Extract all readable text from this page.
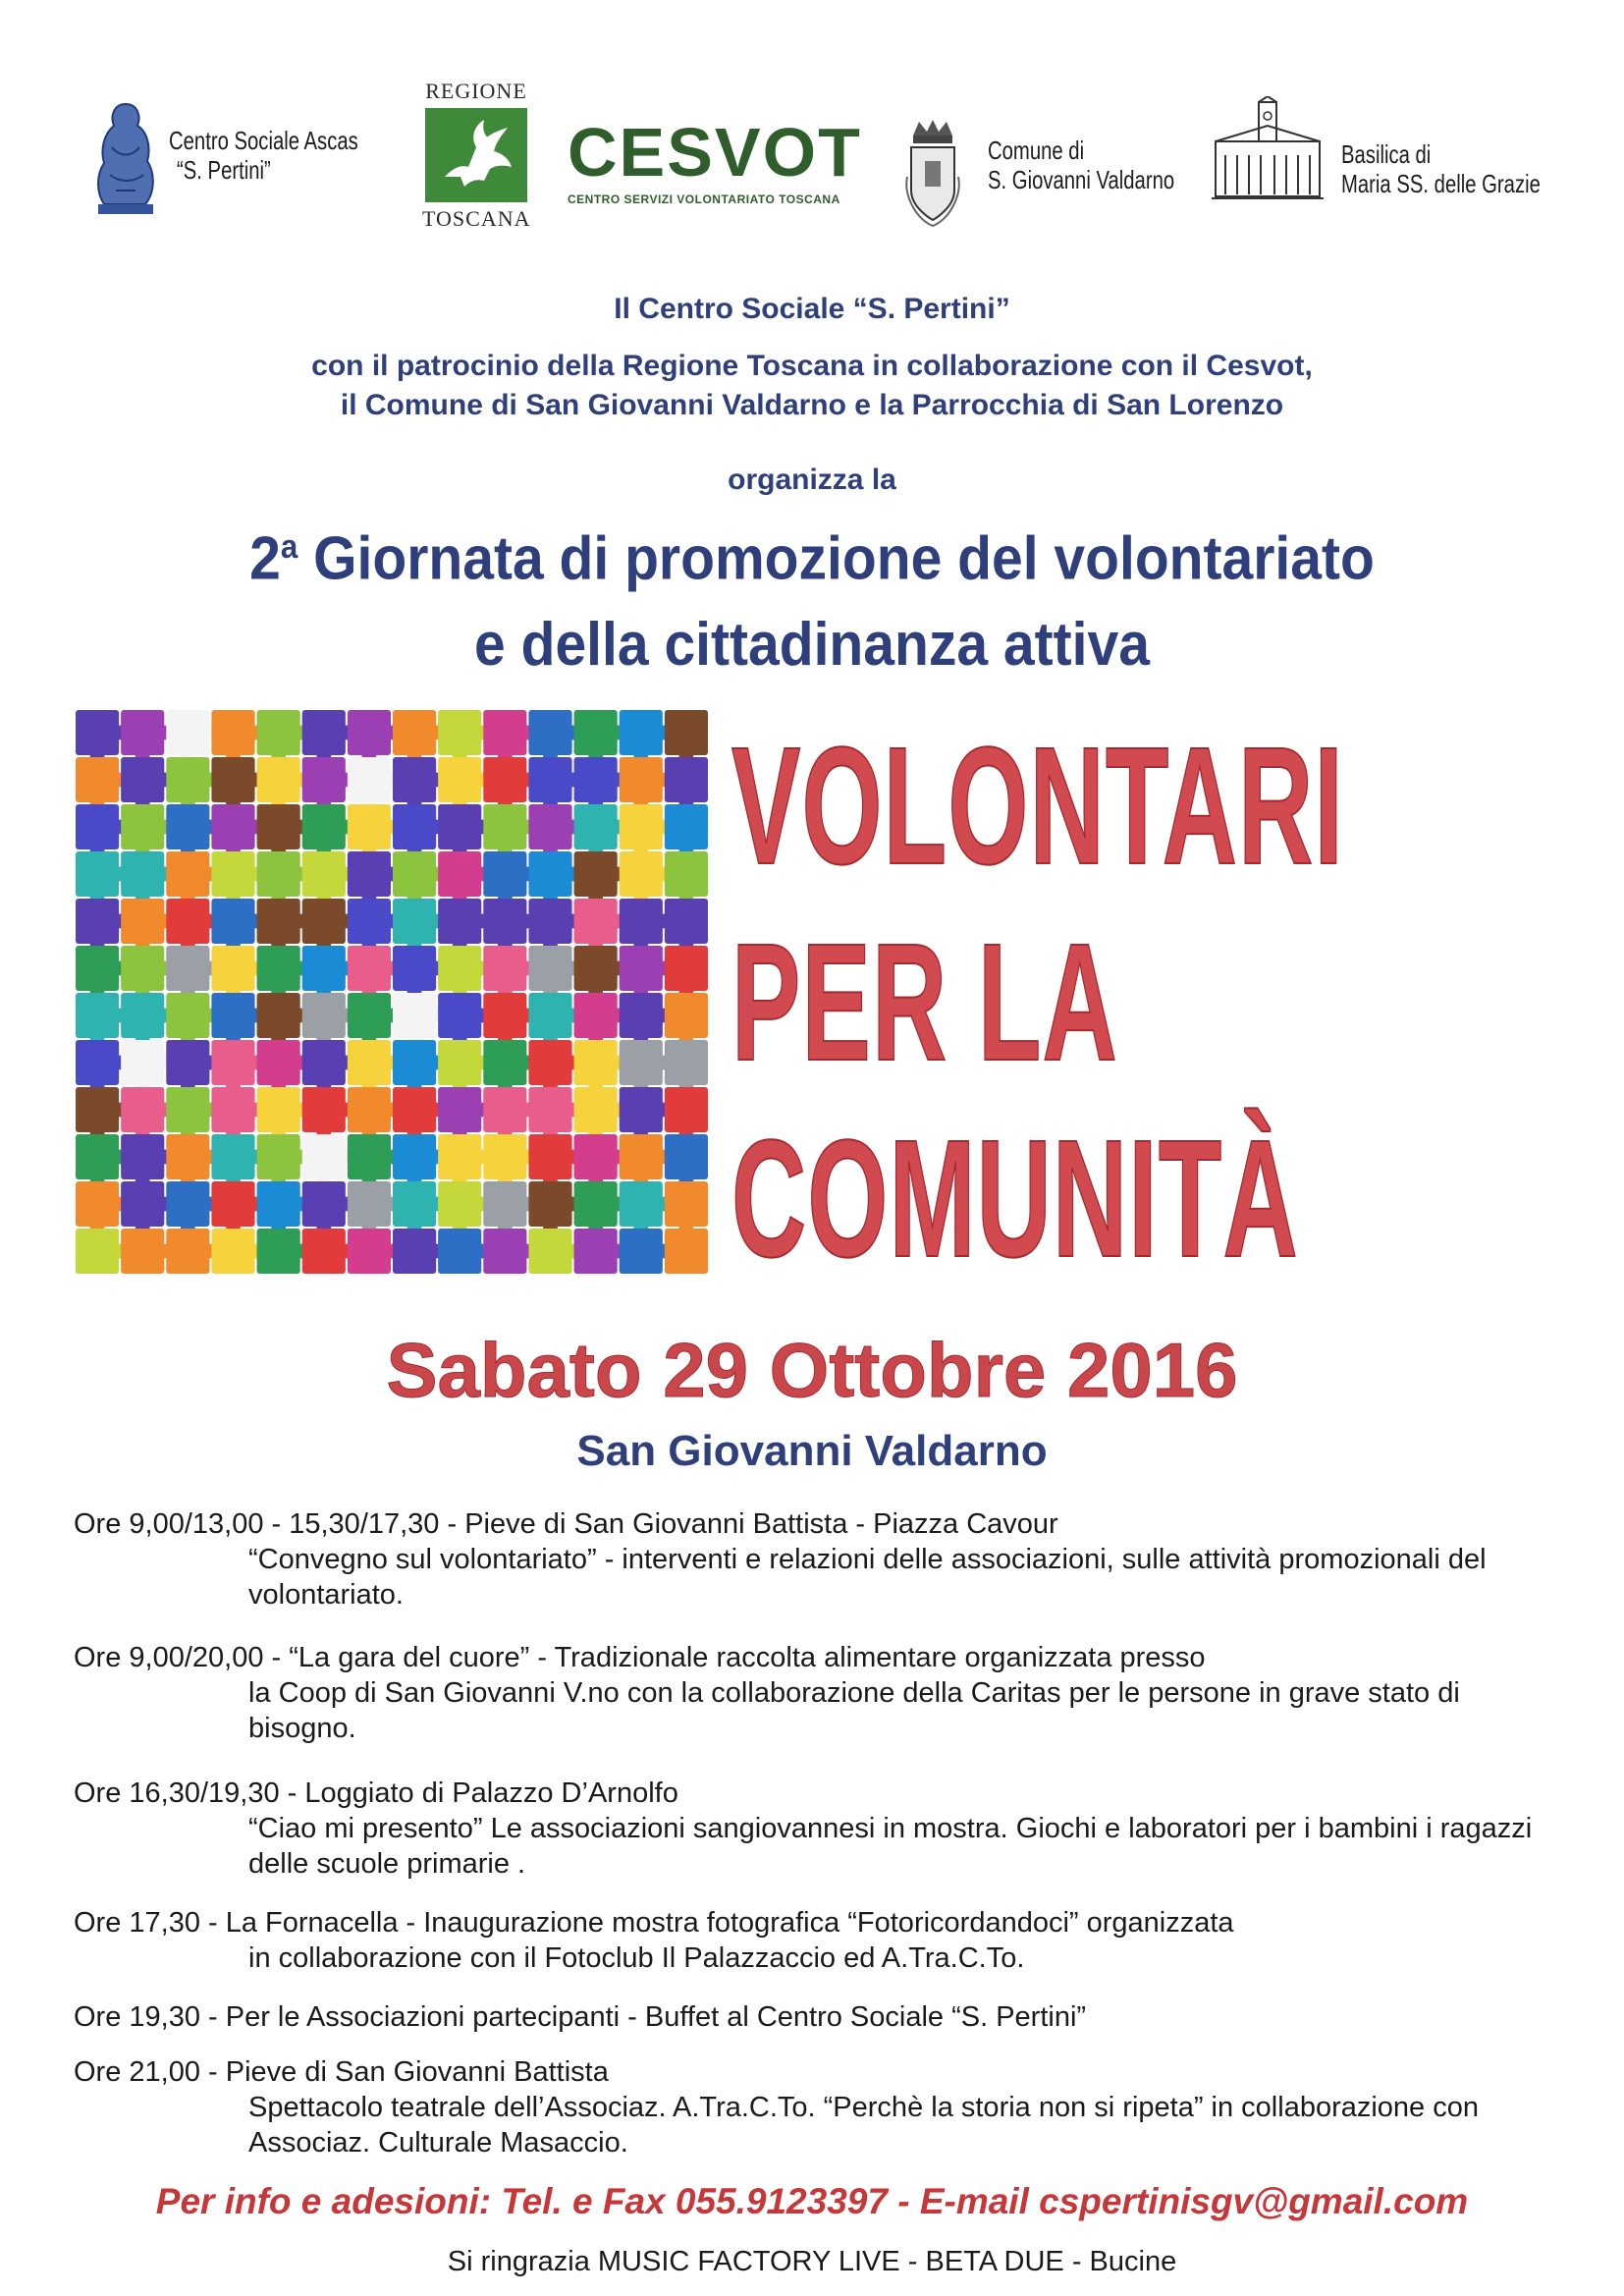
Centro Sociale Ascas
“S. Pertini”
REGIONE
TOSCANA
CESVOT
CENTRO SERVIZI VOLONTARIATO TOSCANA
Comune di
S. Giovanni Valdarno
Basilica di
Maria SS. delle Grazie
Il Centro Sociale “S. Pertini”
con il patrocinio della Regione Toscana in collaborazione con il Cesvot,
il Comune di San Giovanni Valdarno e la Parrocchia di San Lorenzo
organizza la
2$^a$ Giornata di promozione del volontariato
e della cittadinanza attiva
VOLONTARI
PER LA
COMUNITÀ
Sabato 29 Ottobre 2016
San Giovanni Valdarno
Ore 9,00/13,00 - 15,30/17,30 - Pieve di San Giovanni Battista - Piazza Cavour
“Convegno sul volontariato” - interventi e relazioni delle associazioni, sulle attività promozionali del volontariato.
Ore 9,00/20,00 - “La gara del cuore” - Tradizionale raccolta alimentare organizzata presso
la Coop di San Giovanni V.no con la collaborazione della Caritas per le persone in grave stato di bisogno.
Ore 16,30/19,30 - Loggiato di Palazzo D’Arnolfo
“Ciao mi presento” Le associazioni sangiovannesi in mostra. Giochi e laboratori per i bambini i ragazzi delle scuole primarie .
Ore 17,30 - La Fornacella - Inaugurazione mostra fotografica “Fotoricordandoci” organizzata
in collaborazione con il Fotoclub Il Palazzaccio ed A.Tra.C.To.
Ore 19,30 - Per le Associazioni partecipanti - Buffet al Centro Sociale “S. Pertini”
Ore 21,00 - Pieve di San Giovanni Battista
Spettacolo teatrale dell’Associaz. A.Tra.C.To. “Perchè la storia non si ripeta” in collaborazione con Associaz. Culturale Masaccio.
Per info e adesioni: Tel. e Fax 055.9123397 - E-mail cspertinisgv@gmail.com
Si ringrazia MUSIC FACTORY LIVE - BETA DUE - Bucine
